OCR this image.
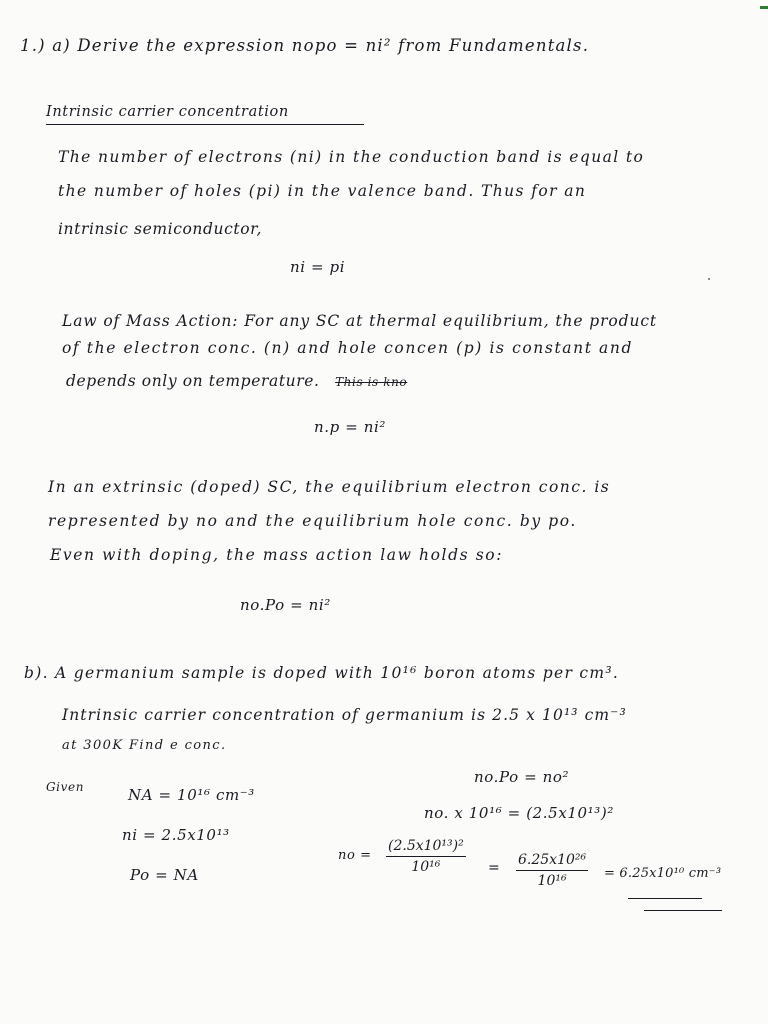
1.) a) Derive the expression nopo = ni² from Fundamentals.
Intrinsic carrier concentration
The number of electrons (ni) in the conduction band is equal to
the number of holes (pi) in the valence band. Thus for an
intrinsic semiconductor,
ni = pi
Law of Mass Action: For any SC at thermal equilibrium, the product
of the electron conc. (n) and hole concen (p) is constant and
depends only on temperature. This is kno
n.p = ni²
In an extrinsic (doped) SC, the equilibrium electron conc. is
represented by no and the equilibrium hole conc. by po.
Even with doping, the mass action law holds so:
no.Po = ni²
b). A germanium sample is doped with 10¹⁶ boron atoms per cm³.
Intrinsic carrier concentration of germanium is 2.5 x 10¹³ cm⁻³
at 300K Find e conc.
Given	NA = 10¹⁶ cm⁻³
ni = 2.5x10¹³
Po = NA
no.Po = no²
no. x 10¹⁶ = (2.5x10¹³)²
no = $\frac{\text{(2.5x10¹³)²}}{\text{10¹⁶}} = \frac{\text{6.25x10²⁶}}{\text{10¹⁶}} = 6.25x10^{10}$ cm⁻³
